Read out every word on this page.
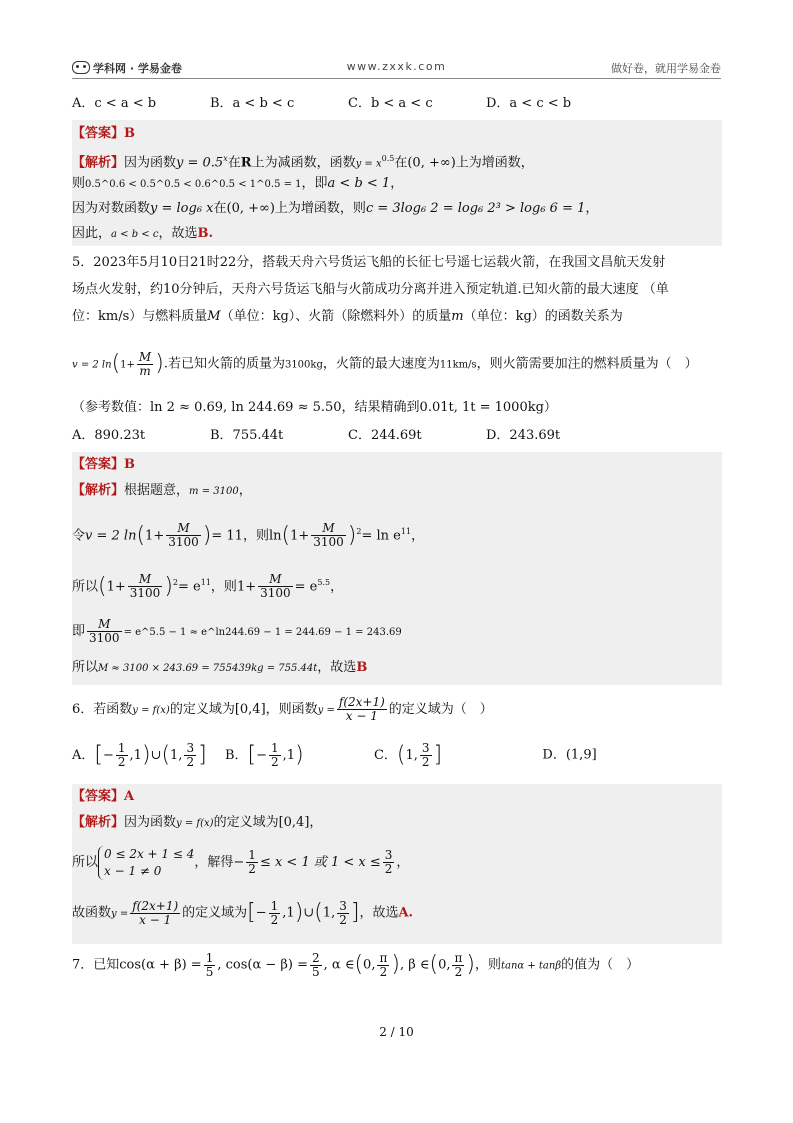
学科网 · 学易金卷	www.zxxk.com	做好卷，就用学易金卷
A．c < a < b	B．a < b < c	C．b < a < c	D．a < c < b
【答案】B
【解析】因为函数$y = 0.5^x$在R上为减函数，函数$y = x^{0.5}$在(0, +∞)上为增函数，
则0.5^0.6 < 0.5^0.5 < 0.6^0.5 < 1^0.5 = 1，即a < b < 1，
因为对数函数y = log₆ x在(0, +∞)上为增函数，则c = 3log₆ 2 = log₆ 2³ > log₆ 6 = 1，
因此，a < b < c，故选B.
5．2023年5月10日21时22分，搭载天舟六号货运飞船的长征七号遥七运载火箭，在我国文昌航天发射
场点火发射，约10分钟后，天舟六号货运飞船与火箭成功分离并进入预定轨道.已知火箭的最大速度 （单
位：km/s）与燃料质量M（单位：kg）、火箭（除燃料外）的质量m（单位：kg）的函数关系为
v = 2 $\ln(1+ \frac{M}{m}$ ).若已知火箭的质量为3100kg，火箭的最大速度为11km/s，则火箭需要加注的燃料质量为（　）
（参考数值：ln 2 ≈ 0.69, ln 244.69 ≈ 5.50，结果精确到0.01t, 1t = 1000kg）
A．890.23t	B．755.44t	C．244.69t	D．243.69t
【答案】B
【解析】根据题意，m = 3100，
令v = 2 $\ln(1+ \frac{M}{3100}$ )= 11，则$\ln(1+ \frac{M}{3100} )^2= \ln e^{11}$，
所以$(1+ \frac{M}{3100} )^2= e^{11}$，则$1+ \frac{M}{3100} = e^{5.5}$，
即 $\frac{M}{3100}$ = e^5.5 − 1 ≈ e^ln244.69 − 1 = 244.69 − 1 = 243.69
所以M ≈ 3100 × 243.69 = 755439kg = 755.44t，故选B
6．若函数y = f(x)的定义域为[0,4]，则函数$y = \frac{f(2x+1)}{x - 1}$ 的定义域为（　）
A．[− $\frac{1}{2}$ ,1)∪(1, $\frac{3}{2}$ ] B．[− $\frac{1}{2} ,1$)	C．(1, $\frac{3}{2}$ ]	D．(1,9]
【答案】A
【解析】因为函数y = f(x)的定义域为[0,4]，
所以
0 ≤ 2x + 1 ≤ 4
x − 1 ≠ 0
，解得− $\frac{1}{2} \le x < 1$ 或 $1 < x \le \frac{3}{2}$ ，
故函数$y = \frac{f(2x+1)}{x - 1}$ 的定义域为[− $\frac{1}{2}$ ,1)∪(1, $\frac{3}{2}$ ]，故选A.
7．已知$\cos(\alpha + \beta) = \frac{1}{5}$ , $\cos(\alpha - \beta) = \frac{2}{5}$ , α ∈(0, $\frac{\pi}{2}$ ), β ∈(0, $\frac{\pi}{2}$ )，则tanα + tanβ的值为（　）
2 / 10
